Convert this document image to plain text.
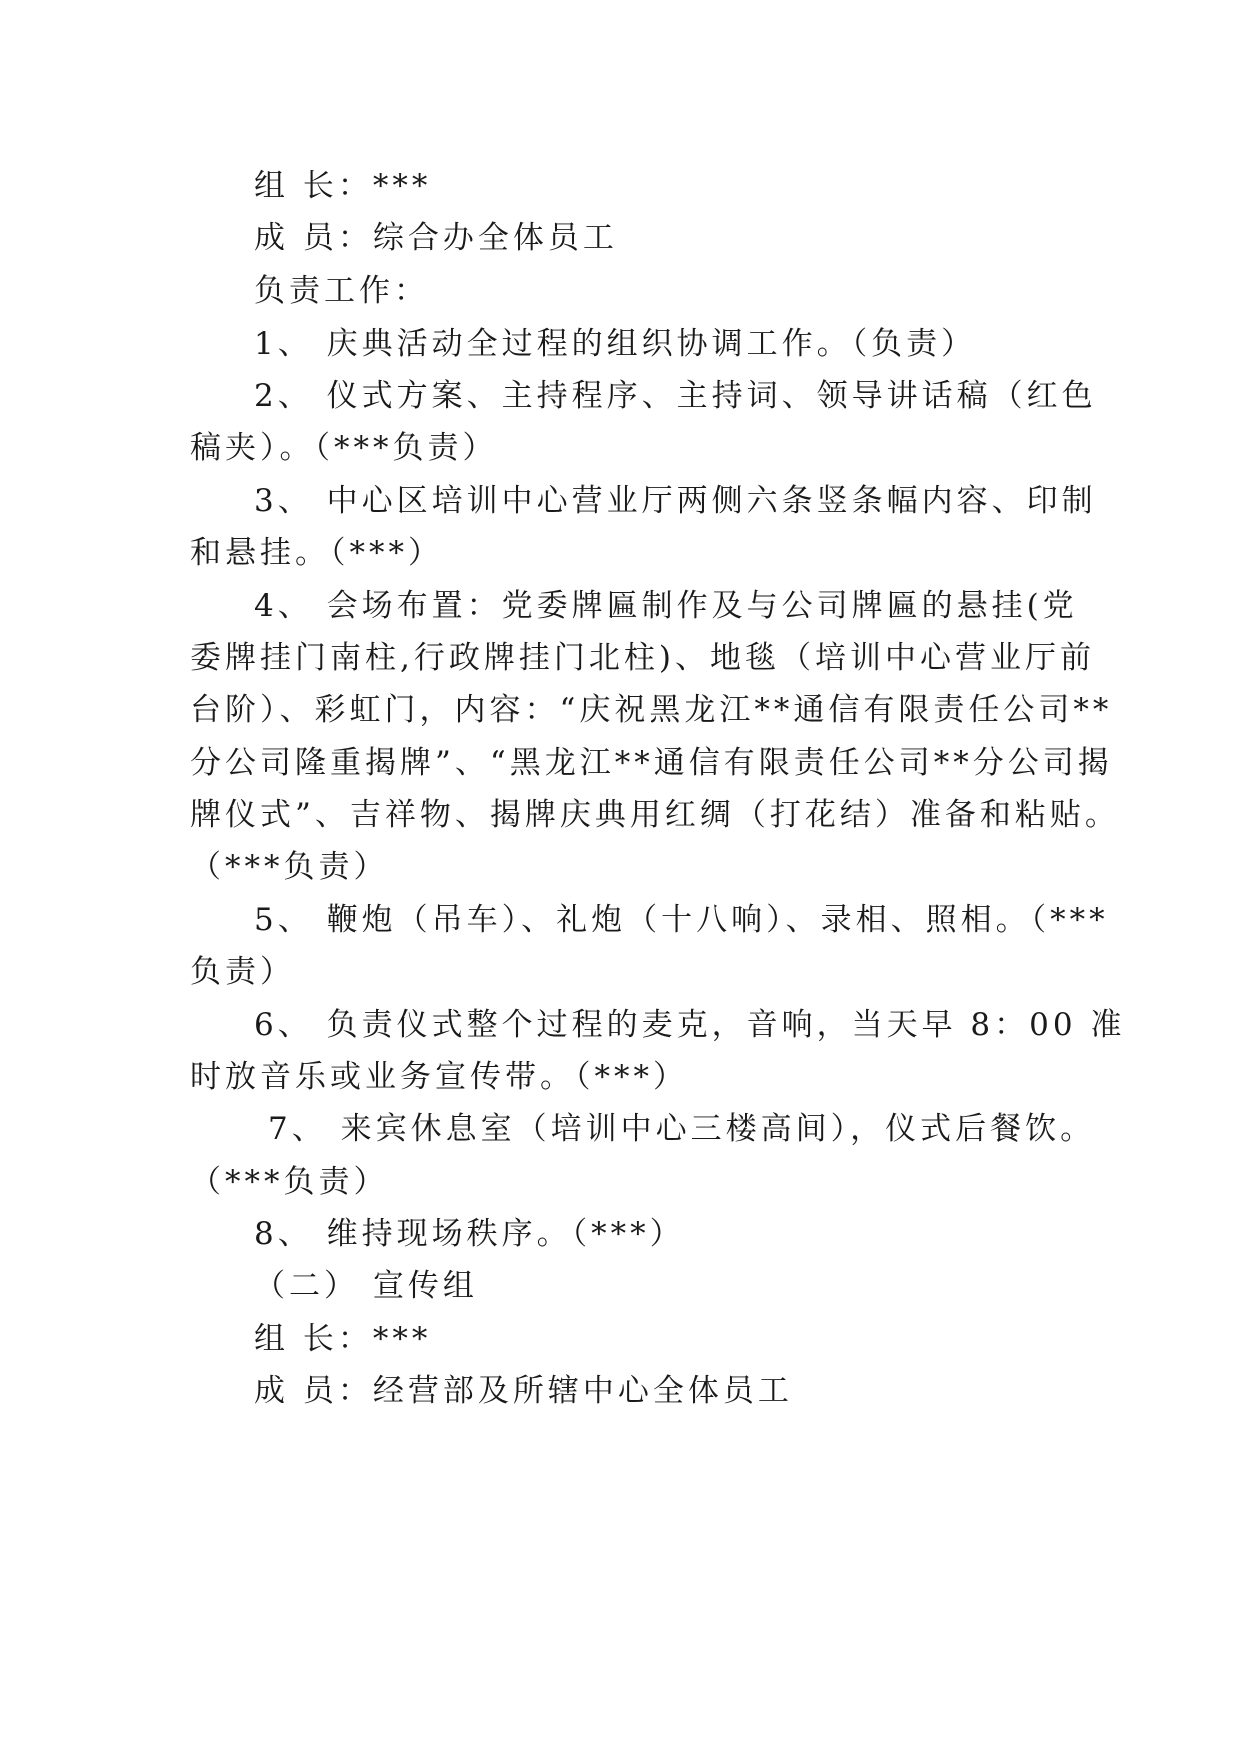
组 长：***
成 员：综合办全体员工
负责工作：
1、 庆典活动全过程的组织协调工作。（负责）
2、 仪式方案、主持程序、主持词、领导讲话稿（红色
稿夹）。（***负责）
3、 中心区培训中心营业厅两侧六条竖条幅内容、印制
和悬挂。（***）
4、 会场布置：党委牌匾制作及与公司牌匾的悬挂(党
委牌挂门南柱,行政牌挂门北柱)、地毯（培训中心营业厅前
台阶）、彩虹门，内容：“庆祝黑龙江**通信有限责任公司**
分公司隆重揭牌”、“黑龙江**通信有限责任公司**分公司揭
牌仪式”、吉祥物、揭牌庆典用红绸（打花结）准备和粘贴。
（***负责）
5、 鞭炮（吊车）、礼炮（十八响）、录相、照相。（***
负责）
6、 负责仪式整个过程的麦克，音响，当天早 8：00 准
时放音乐或业务宣传带。（***）
7、 来宾休息室（培训中心三楼高间），仪式后餐饮。
（***负责）
8、 维持现场秩序。（***）
（二） 宣传组
组 长：***
成 员：经营部及所辖中心全体员工
